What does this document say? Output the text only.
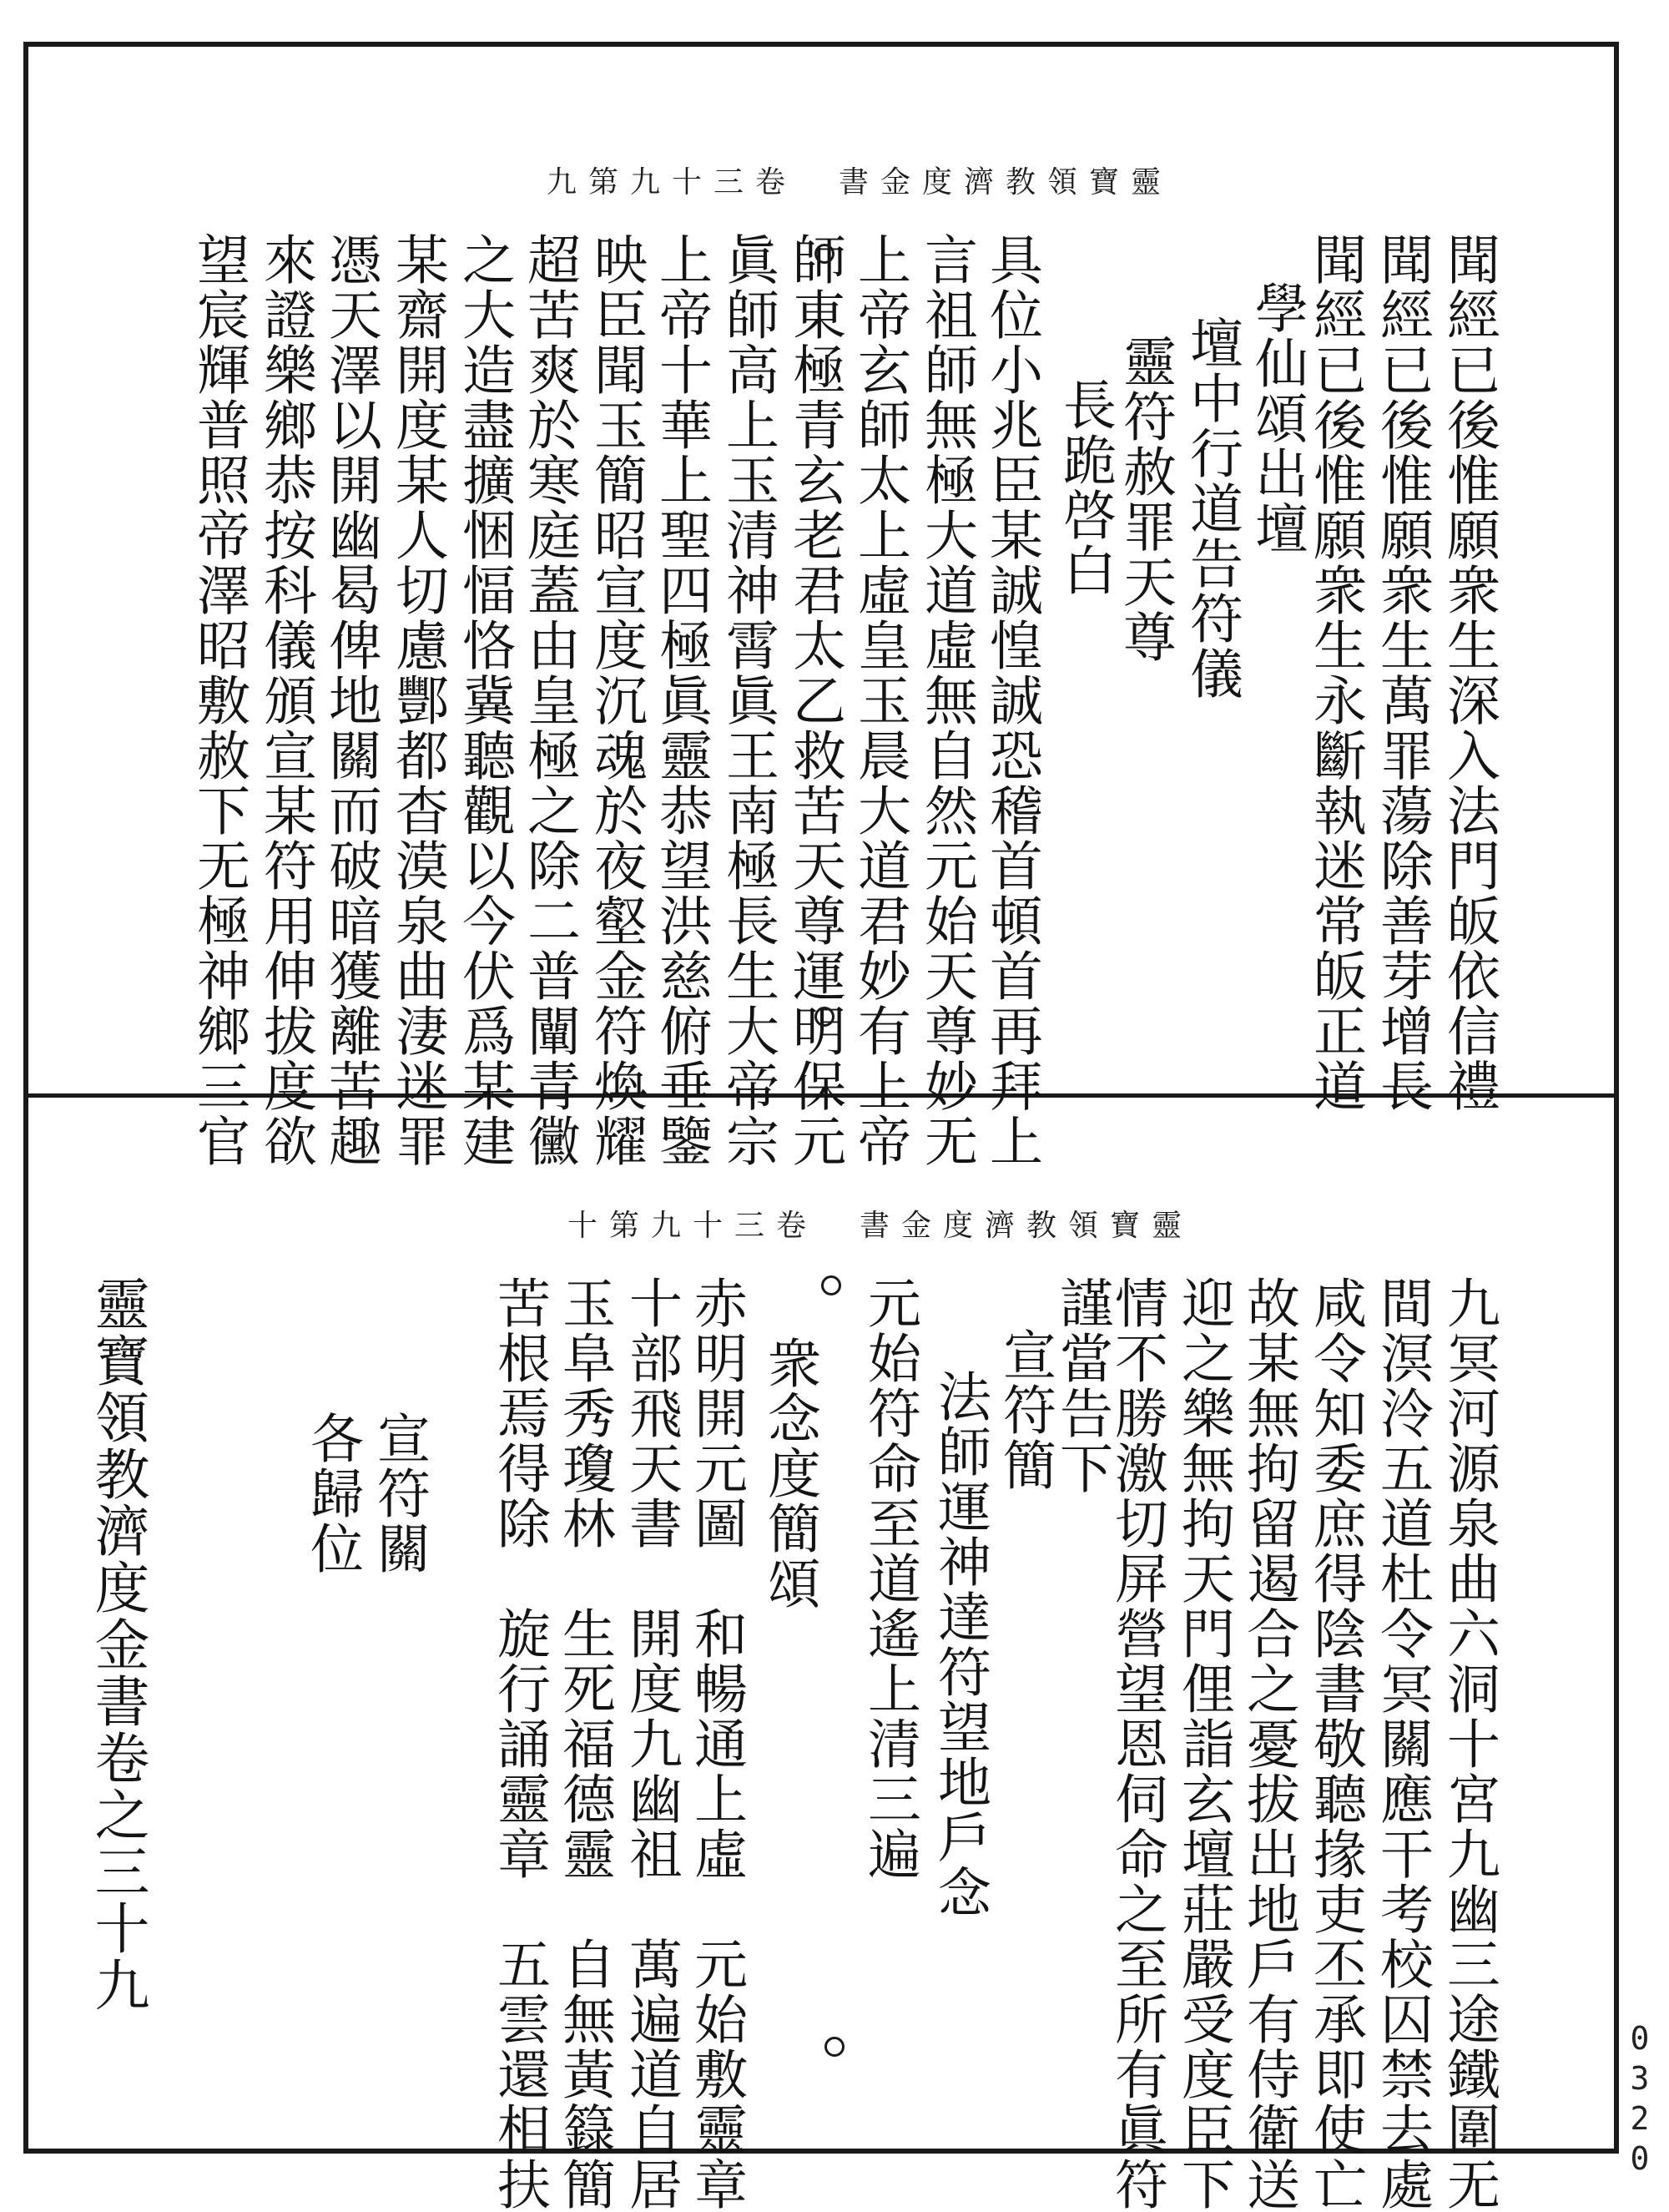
九第九十三卷　書金度濟教領寶靈
聞經已後惟願衆生深入法門皈依信禮
聞經已後惟願衆生萬罪蕩除善芽增長
聞經已後惟願衆生永斷執迷常皈正道
學仙頌出壇
壇中行道告符儀
靈符赦罪天尊
長跪啓白
具位小兆臣某誠惶誠恐稽首頓首再拜上
言祖師無極大道虛無自然元始天尊妙无
上帝玄師太上虛皇玉晨大道君妙有上帝
師東極青玄老君太乙救苦天尊運明保元
眞師高上玉清神霄眞王南極長生大帝宗
上帝十華上聖四極眞靈恭望洪慈俯垂鑒
映臣聞玉簡昭宣度沉魂於夜壑金符煥耀
超苦爽於寒庭蓋由皇極之除二普闡青黴
之大造盡擴悃愊恪冀聽觀以今伏爲某建
某齋開度某人切慮酆都杳漠泉曲淒迷罪
憑天澤以開幽曷俾地關而破暗獲離苦趣
來證樂鄉恭按科儀頒宣某符用伸拔度欲
望宸輝普照帝澤昭敷赦下无極神鄉三官
十第九十三卷　書金度濟教領寶靈
九冥河源泉曲六洞十宮九幽三途鐵圍无
間溟泠五道杜令冥關應干考校囚禁去處
咸令知委庶得陰書敬聽掾吏丕承即使亡
故某無拘留遏合之憂拔出地戶有侍衛送
迎之樂無拘天門俚詣玄壇莊嚴受度臣下
情不勝激切屏營望恩伺命之至所有眞符
謹當告下
宣符簡
法師運神達符望地戶念
元始符命至道遙上清三遍
衆念度簡頌
赤明開元圖　和暢通上虛　元始敷靈章
十部飛天書　開度九幽祖　萬遍道自居
玉阜秀瓊林　生死福德靈　自無黃籙簡
苦根焉得除　旋行誦靈章　五雲還相扶
宣符關
各歸位
靈寶領教濟度金書卷之三十九
0320
